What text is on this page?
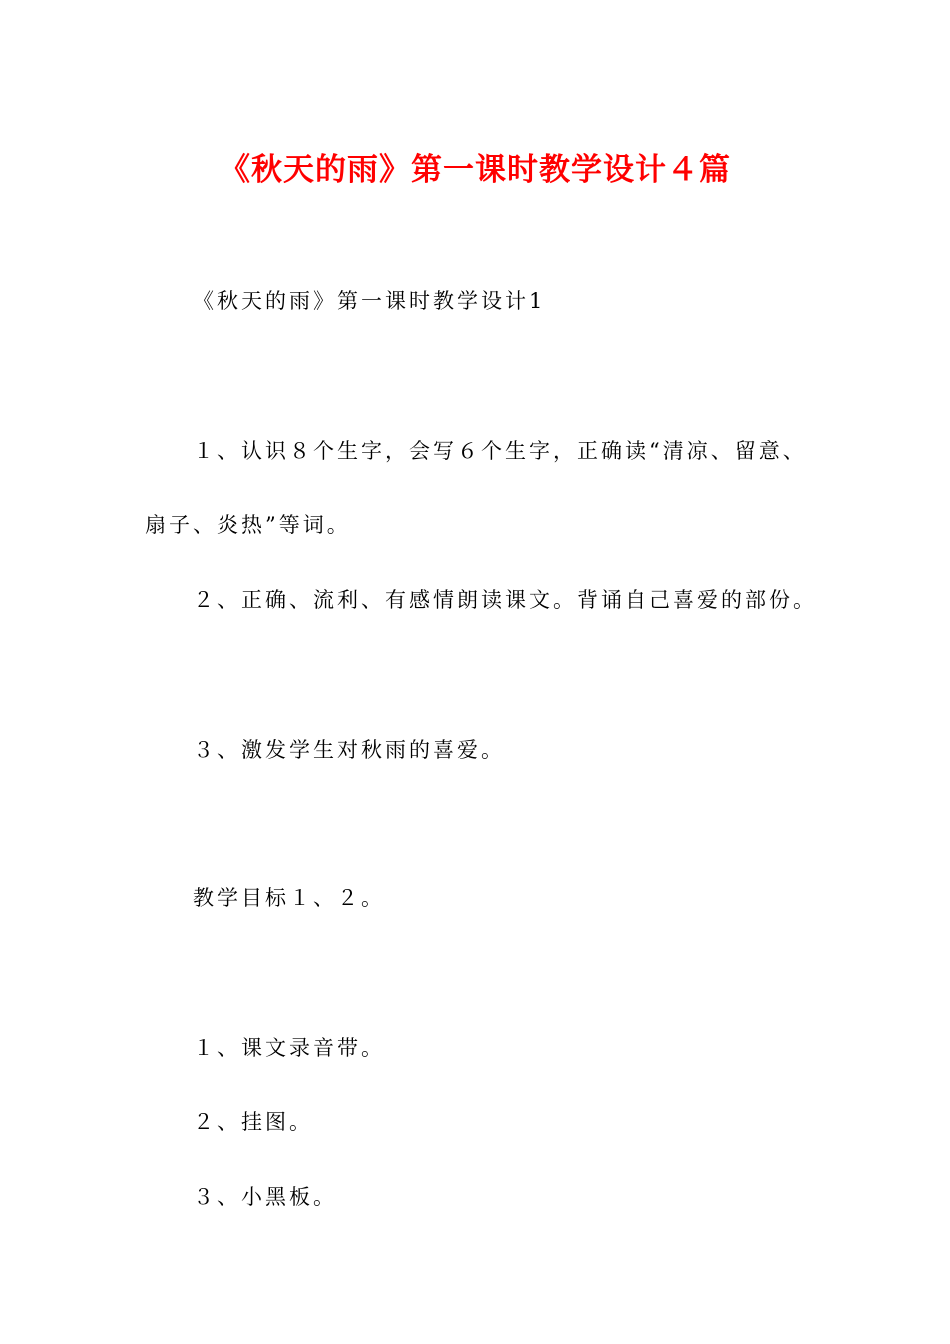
《秋天的雨》第一课时教学设计４篇
《秋天的雨》第一课时教学设计1
１、认识８个生字，会写６个生字，正确读“清凉、留意、
扇子、炎热”等词。
２、正确、流利、有感情朗读课文。背诵自己喜爱的部份。
３、激发学生对秋雨的喜爱。
教学目标１、２。
１、课文录音带。
２、挂图。
３、小黑板。
